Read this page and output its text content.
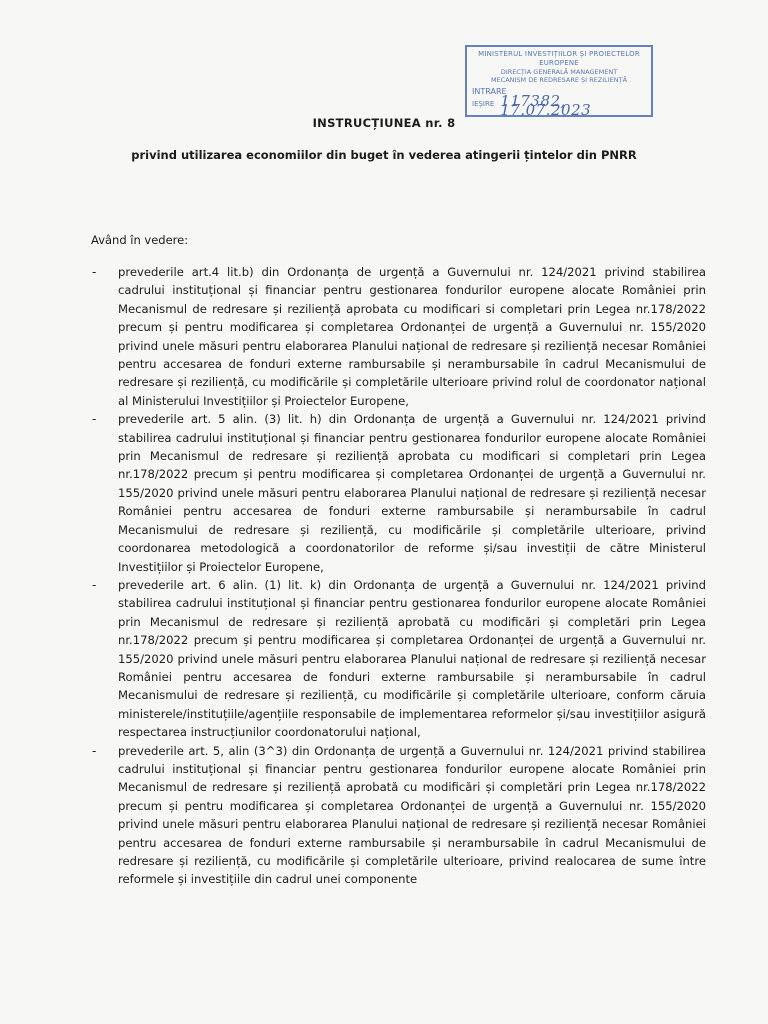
MINISTERUL INVESTIȚIILOR ȘI PROIECTELOR EUROPENE
DIRECȚIA GENERALĂ MANAGEMENT
MECANISM DE REDRESARE ȘI REZILIENȚĂ
INTRARE
IEȘIRE 117382, 17.07.2023
INSTRUCȚIUNEA nr. 8
privind utilizarea economiilor din buget în vederea atingerii țintelor din PNRR
Având în vedere:
- prevederile art.4 lit.b) din Ordonanța de urgență a Guvernului nr. 124/2021 privind stabilirea cadrului instituțional și financiar pentru gestionarea fondurilor europene alocate României prin Mecanismul de redresare și reziliență aprobata cu modificari si completari prin Legea nr.178/2022 precum și pentru modificarea și completarea Ordonanței de urgență a Guvernului nr. 155/2020 privind unele măsuri pentru elaborarea Planului național de redresare și reziliență necesar României pentru accesarea de fonduri externe rambursabile și nerambursabile în cadrul Mecanismului de redresare și reziliență, cu modificările și completările ulterioare privind rolul de coordonator național al Ministerului Investițiilor și Proiectelor Europene,
- prevederile art. 5 alin. (3) lit. h) din Ordonanța de urgență a Guvernului nr. 124/2021 privind stabilirea cadrului instituțional și financiar pentru gestionarea fondurilor europene alocate României prin Mecanismul de redresare și reziliență aprobata cu modificari si completari prin Legea nr.178/2022 precum și pentru modificarea și completarea Ordonanței de urgență a Guvernului nr. 155/2020 privind unele măsuri pentru elaborarea Planului național de redresare și reziliență necesar României pentru accesarea de fonduri externe rambursabile și nerambursabile în cadrul Mecanismului de redresare și reziliență, cu modificările și completările ulterioare, privind coordonarea metodologică a coordonatorilor de reforme și/sau investiții de către Ministerul Investițiilor și Proiectelor Europene,
- prevederile art. 6 alin. (1) lit. k) din Ordonanța de urgență a Guvernului nr. 124/2021 privind stabilirea cadrului instituțional și financiar pentru gestionarea fondurilor europene alocate României prin Mecanismul de redresare și reziliență aprobată cu modificări și completări prin Legea nr.178/2022 precum și pentru modificarea și completarea Ordonanței de urgență a Guvernului nr. 155/2020 privind unele măsuri pentru elaborarea Planului național de redresare și reziliență necesar României pentru accesarea de fonduri externe rambursabile și nerambursabile în cadrul Mecanismului de redresare și reziliență, cu modificările și completările ulterioare, conform căruia ministerele/instituțiile/agențiile responsabile de implementarea reformelor și/sau investițiilor asigură respectarea instrucțiunilor coordonatorului național,
- prevederile art. 5, alin (3^3) din Ordonanța de urgență a Guvernului nr. 124/2021 privind stabilirea cadrului instituțional și financiar pentru gestionarea fondurilor europene alocate României prin Mecanismul de redresare și reziliență aprobată cu modificări și completări prin Legea nr.178/2022 precum și pentru modificarea și completarea Ordonanței de urgență a Guvernului nr. 155/2020 privind unele măsuri pentru elaborarea Planului național de redresare și reziliență necesar României pentru accesarea de fonduri externe rambursabile și nerambursabile în cadrul Mecanismului de redresare și reziliență, cu modificările și completările ulterioare, privind realocarea de sume între reformele și investițiile din cadrul unei componente
